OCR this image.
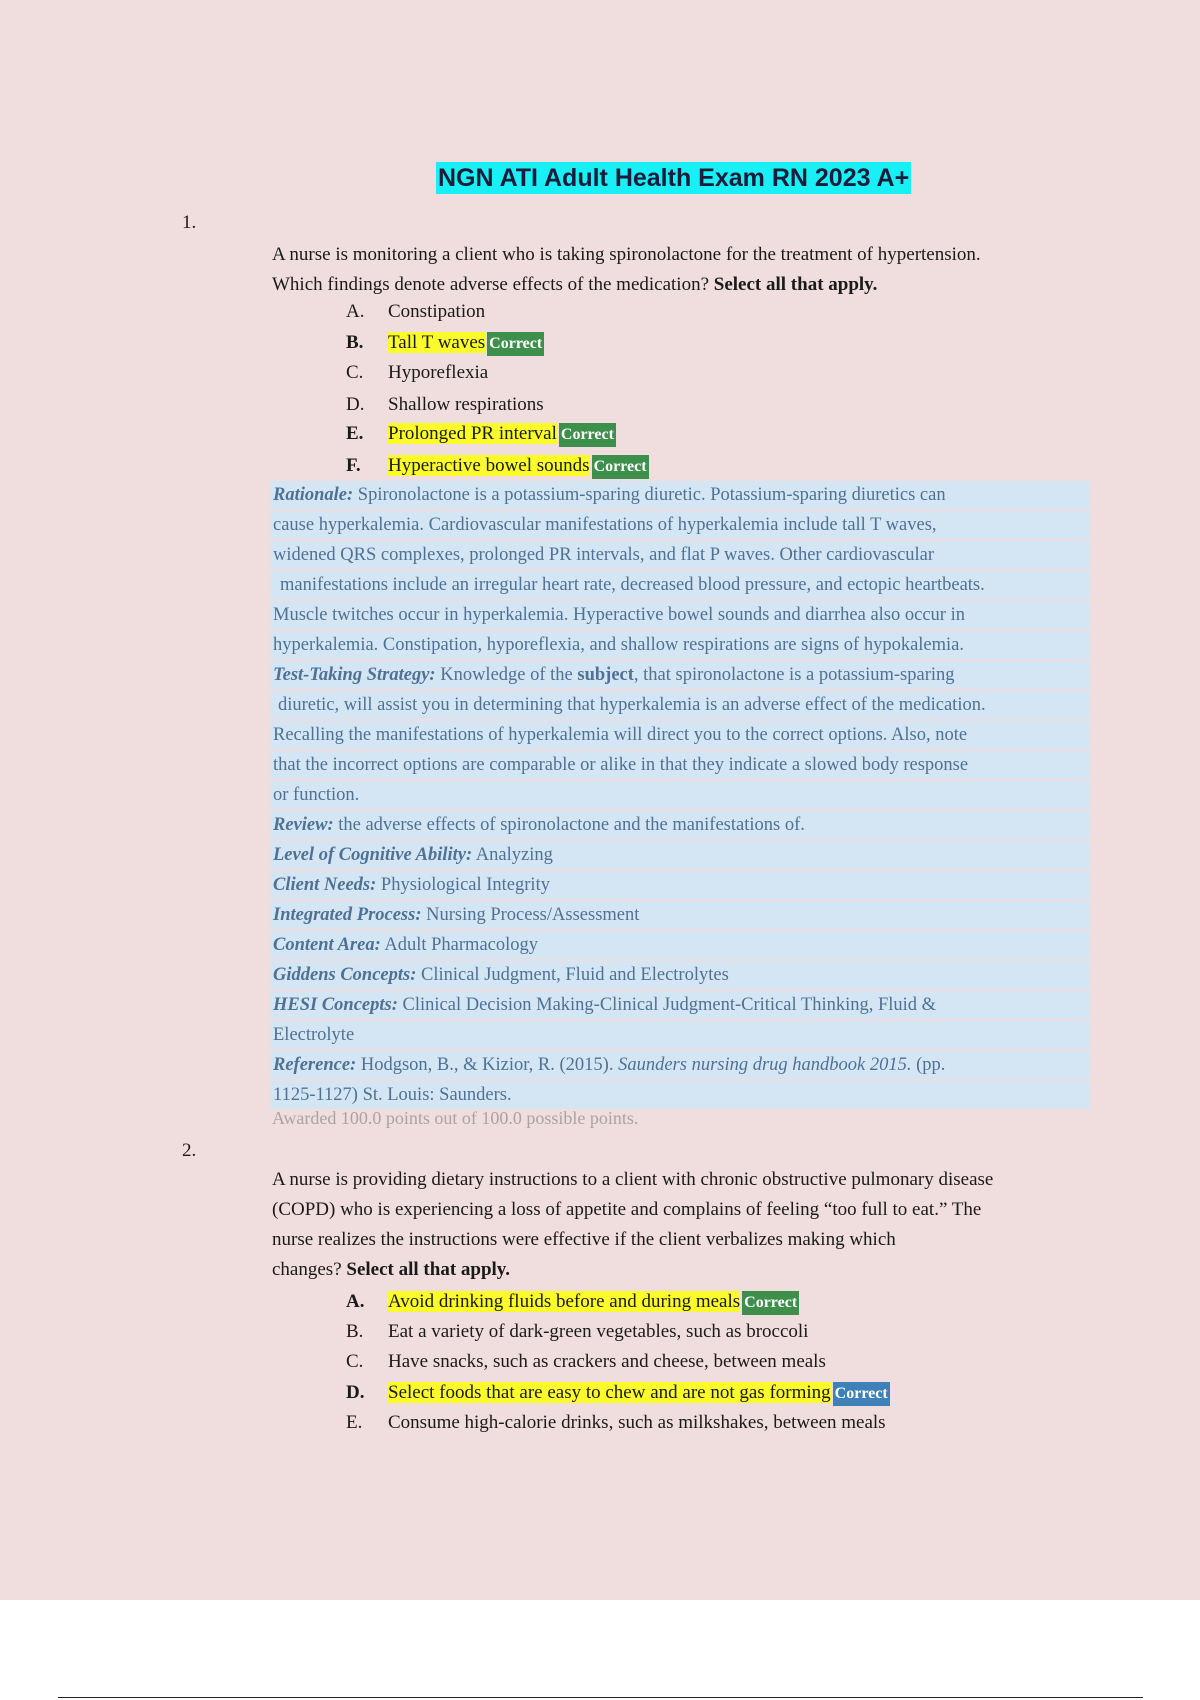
NGN ATI Adult Health Exam RN 2023 A+
1.
A nurse is monitoring a client who is taking spironolactone for the treatment of hypertension.
Which findings denote adverse effects of the medication? Select all that apply.
A. Constipation
B. Tall T waves Correct
C. Hyporeflexia
D. Shallow respirations
E. Prolonged PR interval Correct
F. Hyperactive bowel sounds Correct
Rationale: Spironolactone is a potassium-sparing diuretic. Potassium-sparing diuretics can
cause hyperkalemia. Cardiovascular manifestations of hyperkalemia include tall T waves,
widened QRS complexes, prolonged PR intervals, and flat P waves. Other cardiovascular
manifestations include an irregular heart rate, decreased blood pressure, and ectopic heartbeats.
Muscle twitches occur in hyperkalemia. Hyperactive bowel sounds and diarrhea also occur in
hyperkalemia. Constipation, hyporeflexia, and shallow respirations are signs of hypokalemia.
Test-Taking Strategy: Knowledge of the subject, that spironolactone is a potassium-sparing
diuretic, will assist you in determining that hyperkalemia is an adverse effect of the medication.
Recalling the manifestations of hyperkalemia will direct you to the correct options. Also, note
that the incorrect options are comparable or alike in that they indicate a slowed body response
or function.
Review: the adverse effects of spironolactone and the manifestations of.
Level of Cognitive Ability: Analyzing
Client Needs: Physiological Integrity
Integrated Process: Nursing Process/Assessment
Content Area: Adult Pharmacology
Giddens Concepts: Clinical Judgment, Fluid and Electrolytes
HESI Concepts: Clinical Decision Making-Clinical Judgment-Critical Thinking, Fluid &
Electrolyte
Reference: Hodgson, B., & Kizior, R. (2015). Saunders nursing drug handbook 2015. (pp.
1125-1127) St. Louis: Saunders.
Awarded 100.0 points out of 100.0 possible points.
2.
A nurse is providing dietary instructions to a client with chronic obstructive pulmonary disease
(COPD) who is experiencing a loss of appetite and complains of feeling “too full to eat.” The
nurse realizes the instructions were effective if the client verbalizes making which
changes? Select all that apply.
A. Avoid drinking fluids before and during meals Correct
B. Eat a variety of dark-green vegetables, such as broccoli
C. Have snacks, such as crackers and cheese, between meals
D. Select foods that are easy to chew and are not gas forming Correct
E. Consume high-calorie drinks, such as milkshakes, between meals
